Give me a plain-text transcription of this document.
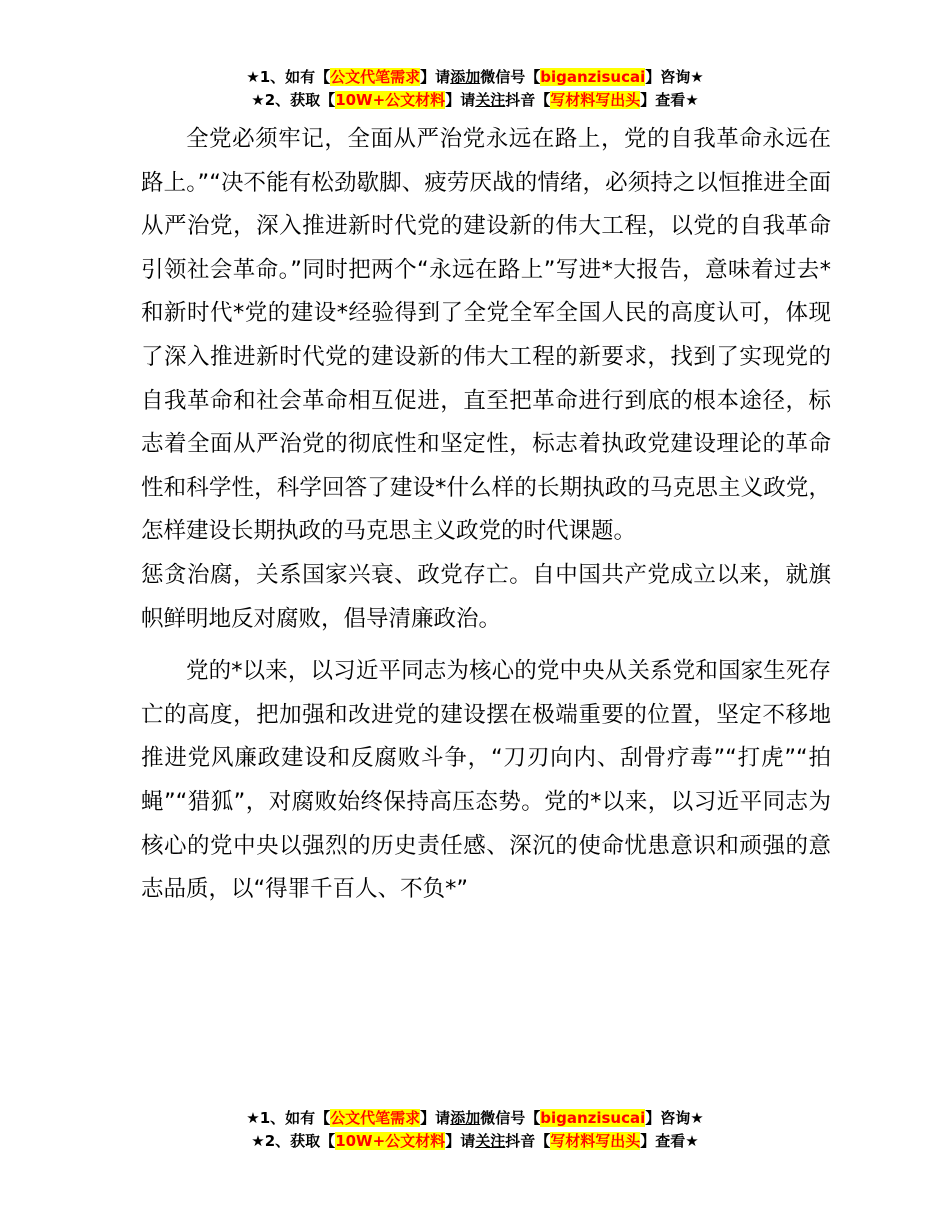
★1、如有【公文代笔需求】请添加微信号【biganzisucai】咨询★
★2、获取【10W+公文材料】请关注抖音【写材料写出头】查看★

全党必须牢记，全面从严治党永远在路上，党的自我革命永远在路上。”“决不能有松劲歇脚、疲劳厌战的情绪，必须持之以恒推进全面从严治党，深入推进新时代党的建设新的伟大工程，以党的自我革命引领社会革命。”同时把两个“永远在路上”写进*大报告，意味着过去*和新时代*党的建设*经验得到了全党全军全国人民的高度认可，体现了深入推进新时代党的建设新的伟大工程的新要求，找到了实现党的自我革命和社会革命相互促进，直至把革命进行到底的根本途径，标志着全面从严治党的彻底性和坚定性，标志着执政党建设理论的革命性和科学性，科学回答了建设*什么样的长期执政的马克思主义政党，怎样建设长期执政的马克思主义政党的时代课题。

惩贪治腐，关系国家兴衰、政党存亡。自中国共产党成立以来，就旗帜鲜明地反对腐败，倡导清廉政治。

党的*以来，以习近平同志为核心的党中央从关系党和国家生死存亡的高度，把加强和改进党的建设摆在极端重要的位置，坚定不移地推进党风廉政建设和反腐败斗争，“刀刃向内、刮骨疗毒”“打虎”“拍蝇”“猎狐”，对腐败始终保持高压态势。党的*以来，以习近平同志为核心的党中央以强烈的历史责任感、深沉的使命忧患意识和顽强的意志品质，以“得罪千百人、不负*”

★1、如有【公文代笔需求】请添加微信号【biganzisucai】咨询★
★2、获取【10W+公文材料】请关注抖音【写材料写出头】查看★
